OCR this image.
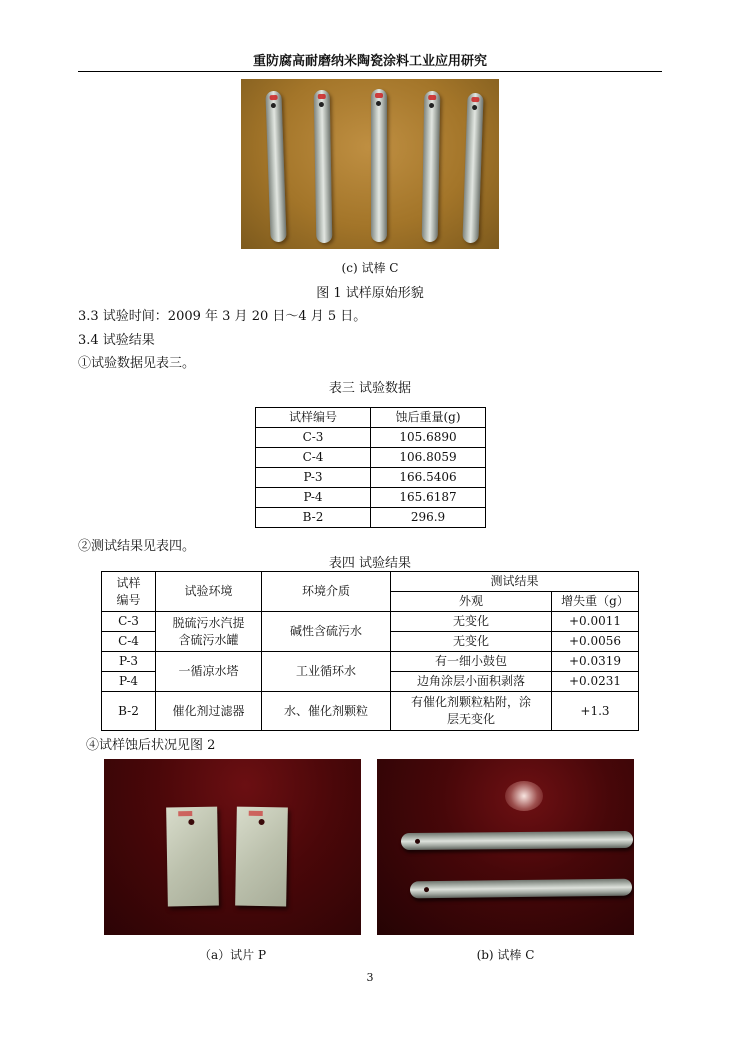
重防腐高耐磨纳米陶瓷涂料工业应用研究
(c) 试棒 C
图 1 试样原始形貌
3.3 试验时间：2009 年 3 月 20 日～4 月 5 日。
3.4 试验结果
①试验数据见表三。
表三 试验数据
试样编号	蚀后重量(g)
C-3	105.6890
C-4	106.8059
P-3	166.5406
P-4	165.6187
B-2	296.9
②测试结果见表四。
表四 试验结果
试样
编号	试验环境	环境介质	测试结果	
			外观	增失重（g）
C-3	脱硫污水汽提
含硫污水罐	碱性含硫污水	无变化	+0.0011
C-4			无变化	+0.0056
P-3	一循凉水塔	工业循环水	有一细小鼓包	+0.0319
P-4			边角涂层小面积剥落	+0.0231
B-2	催化剂过滤器	水、催化剂颗粒	有催化剂颗粒粘附，涂
层无变化	+1.3
④试样蚀后状况见图 2
（a）试片 P	(b) 试棒 C
3
